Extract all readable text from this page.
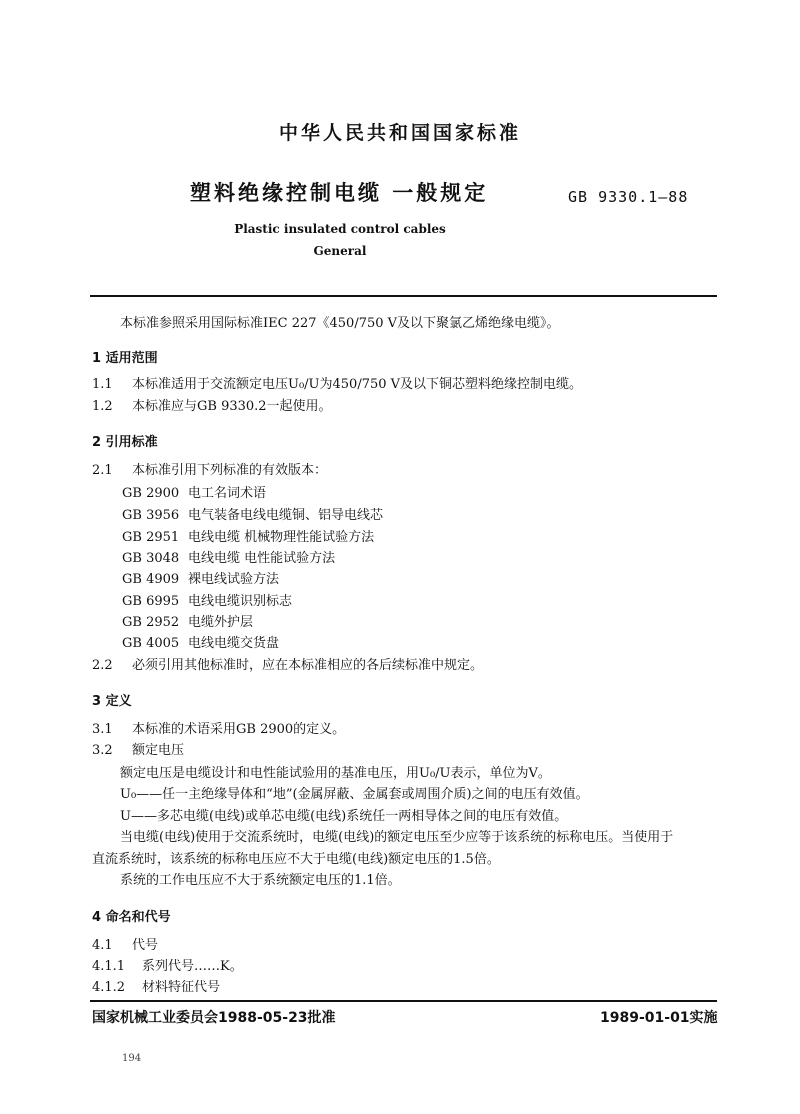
中华人民共和国国家标准
塑料绝缘控制电缆 一般规定	GB 9330.1—88
Plastic insulated control cables
General
本标准参照采用国际标准IEC 227《450/750 V及以下聚氯乙烯绝缘电缆》。
1 适用范围
1.1 本标准适用于交流额定电压U₀/U为450/750 V及以下铜芯塑料绝缘控制电缆。
1.2 本标准应与GB 9330.2一起使用。
2 引用标准
2.1 本标准引用下列标准的有效版本：
GB 2900 电工名词术语
GB 3956 电气装备电线电缆铜、铝导电线芯
GB 2951 电线电缆 机械物理性能试验方法
GB 3048 电线电缆 电性能试验方法
GB 4909 裸电线试验方法
GB 6995 电线电缆识别标志
GB 2952 电缆外护层
GB 4005 电线电缆交货盘
2.2 必须引用其他标准时，应在本标准相应的各后续标准中规定。
3 定义
3.1 本标准的术语采用GB 2900的定义。
3.2 额定电压
额定电压是电缆设计和电性能试验用的基准电压，用U₀/U表示，单位为V。
U₀——任一主绝缘导体和“地”(金属屏蔽、金属套或周围介质)之间的电压有效值。
U——多芯电缆(电线)或单芯电缆(电线)系统任一两相导体之间的电压有效值。
当电缆(电线)使用于交流系统时，电缆(电线)的额定电压至少应等于该系统的标称电压。当使用于
直流系统时，该系统的标称电压应不大于电缆(电线)额定电压的1.5倍。
系统的工作电压应不大于系统额定电压的1.1倍。
4 命名和代号
4.1 代号
4.1.1 系列代号……K。
4.1.2 材料特征代号
国家机械工业委员会1988-05-23批准	1989-01-01实施
194
